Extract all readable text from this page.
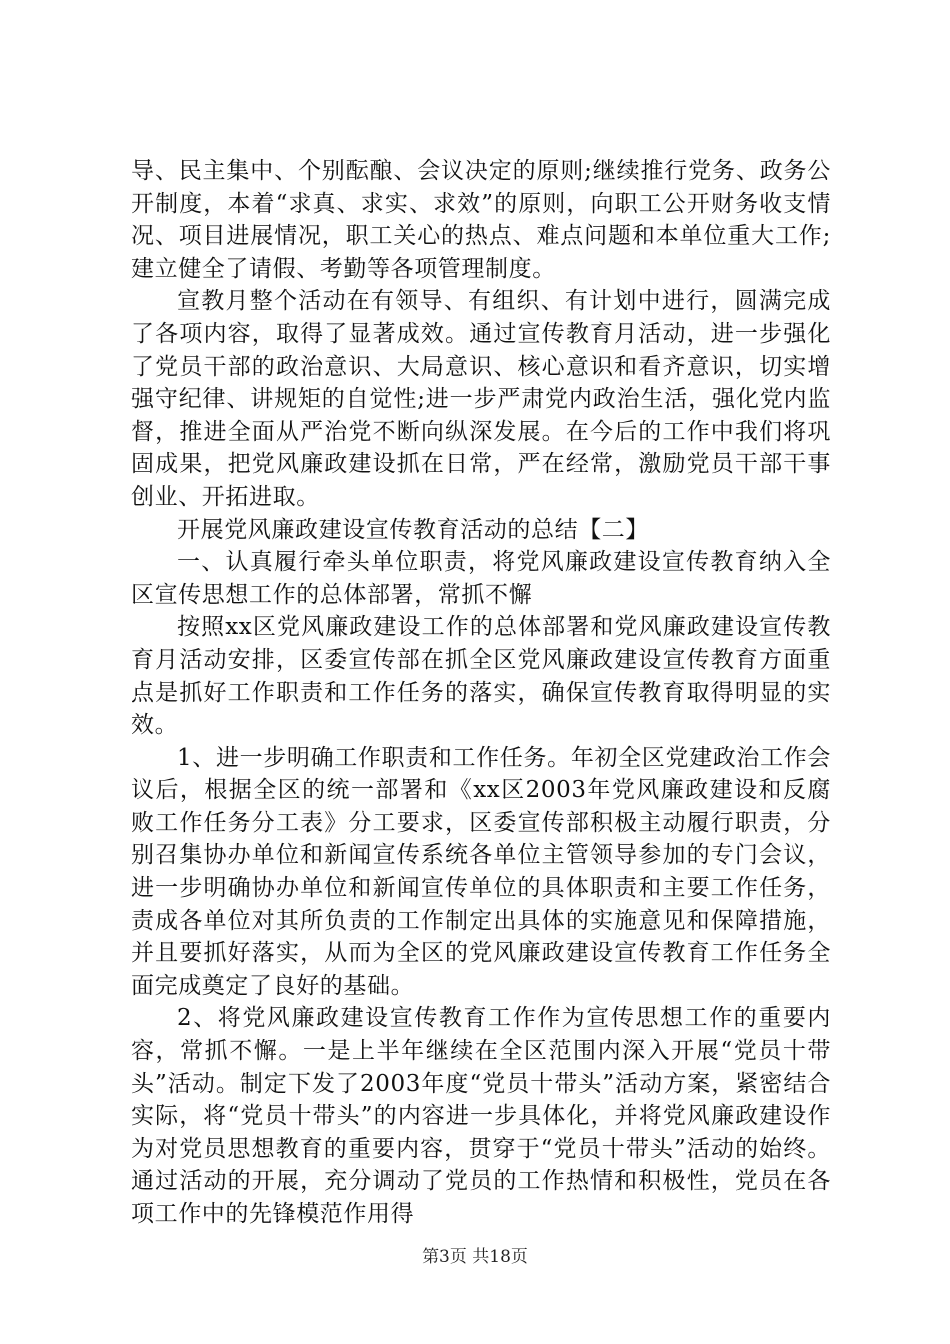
导、民主集中、个别酝酿、会议决定的原则;继续推行党务、政务公开制度，本着“求真、求实、求效”的原则，向职工公开财务收支情况、项目进展情况，职工关心的热点、难点问题和本单位重大工作;建立健全了请假、考勤等各项管理制度。

宣教月整个活动在有领导、有组织、有计划中进行，圆满完成了各项内容，取得了显著成效。通过宣传教育月活动，进一步强化了党员干部的政治意识、大局意识、核心意识和看齐意识，切实增强守纪律、讲规矩的自觉性;进一步严肃党内政治生活，强化党内监督，推进全面从严治党不断向纵深发展。在今后的工作中我们将巩固成果，把党风廉政建设抓在日常，严在经常，激励党员干部干事创业、开拓进取。

开展党风廉政建设宣传教育活动的总结【二】

一、认真履行牵头单位职责，将党风廉政建设宣传教育纳入全区宣传思想工作的总体部署，常抓不懈

按照xx区党风廉政建设工作的总体部署和党风廉政建设宣传教育月活动安排，区委宣传部在抓全区党风廉政建设宣传教育方面重点是抓好工作职责和工作任务的落实，确保宣传教育取得明显的实效。

1、进一步明确工作职责和工作任务。年初全区党建政治工作会议后，根据全区的统一部署和《xx区2003年党风廉政建设和反腐败工作任务分工表》分工要求，区委宣传部积极主动履行职责，分别召集协办单位和新闻宣传系统各单位主管领导参加的专门会议，进一步明确协办单位和新闻宣传单位的具体职责和主要工作任务，责成各单位对其所负责的工作制定出具体的实施意见和保障措施，并且要抓好落实，从而为全区的党风廉政建设宣传教育工作任务全面完成奠定了良好的基础。

2、将党风廉政建设宣传教育工作作为宣传思想工作的重要内容，常抓不懈。一是上半年继续在全区范围内深入开展“党员十带头”活动。制定下发了2003年度“党员十带头”活动方案，紧密结合实际，将“党员十带头”的内容进一步具体化，并将党风廉政建设作为对党员思想教育的重要内容，贯穿于“党员十带头”活动的始终。通过活动的开展，充分调动了党员的工作热情和积极性，党员在各项工作中的先锋模范作用得

第3页 共18页
